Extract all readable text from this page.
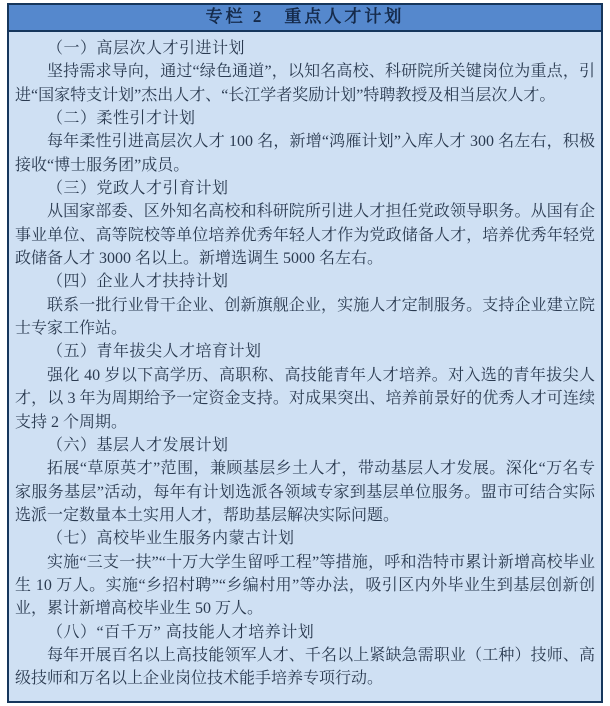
专栏 2　重点人才计划

（一）高层次人才引进计划

坚持需求导向，通过“绿色通道”，以知名高校、科研院所关键岗位为重点，引进“国家特支计划”杰出人才、“长江学者奖励计划”特聘教授及相当层次人才。

（二）柔性引才计划

每年柔性引进高层次人才 100 名，新增“鸿雁计划”入库人才 300 名左右，积极接收“博士服务团”成员。

（三）党政人才引育计划

从国家部委、区外知名高校和科研院所引进人才担任党政领导职务。从国有企事业单位、高等院校等单位培养优秀年轻人才作为党政储备人才，培养优秀年轻党政储备人才 3000 名以上。新增选调生 5000 名左右。

（四）企业人才扶持计划

联系一批行业骨干企业、创新旗舰企业，实施人才定制服务。支持企业建立院士专家工作站。

（五）青年拔尖人才培育计划

强化 40 岁以下高学历、高职称、高技能青年人才培养。对入选的青年拔尖人才，以 3 年为周期给予一定资金支持。对成果突出、培养前景好的优秀人才可连续支持 2 个周期。

（六）基层人才发展计划

拓展“草原英才”范围，兼顾基层乡土人才，带动基层人才发展。深化“万名专家服务基层”活动，每年有计划选派各领域专家到基层单位服务。盟市可结合实际选派一定数量本土实用人才，帮助基层解决实际问题。

（七）高校毕业生服务内蒙古计划

实施“三支一扶”“十万大学生留呼工程”等措施，呼和浩特市累计新增高校毕业生 10 万人。实施“乡招村聘”“乡编村用”等办法，吸引区内外毕业生到基层创新创业，累计新增高校毕业生 50 万人。

（八）“百千万” 高技能人才培养计划

每年开展百名以上高技能领军人才、千名以上紧缺急需职业（工种）技师、高级技师和万名以上企业岗位技术能手培养专项行动。
